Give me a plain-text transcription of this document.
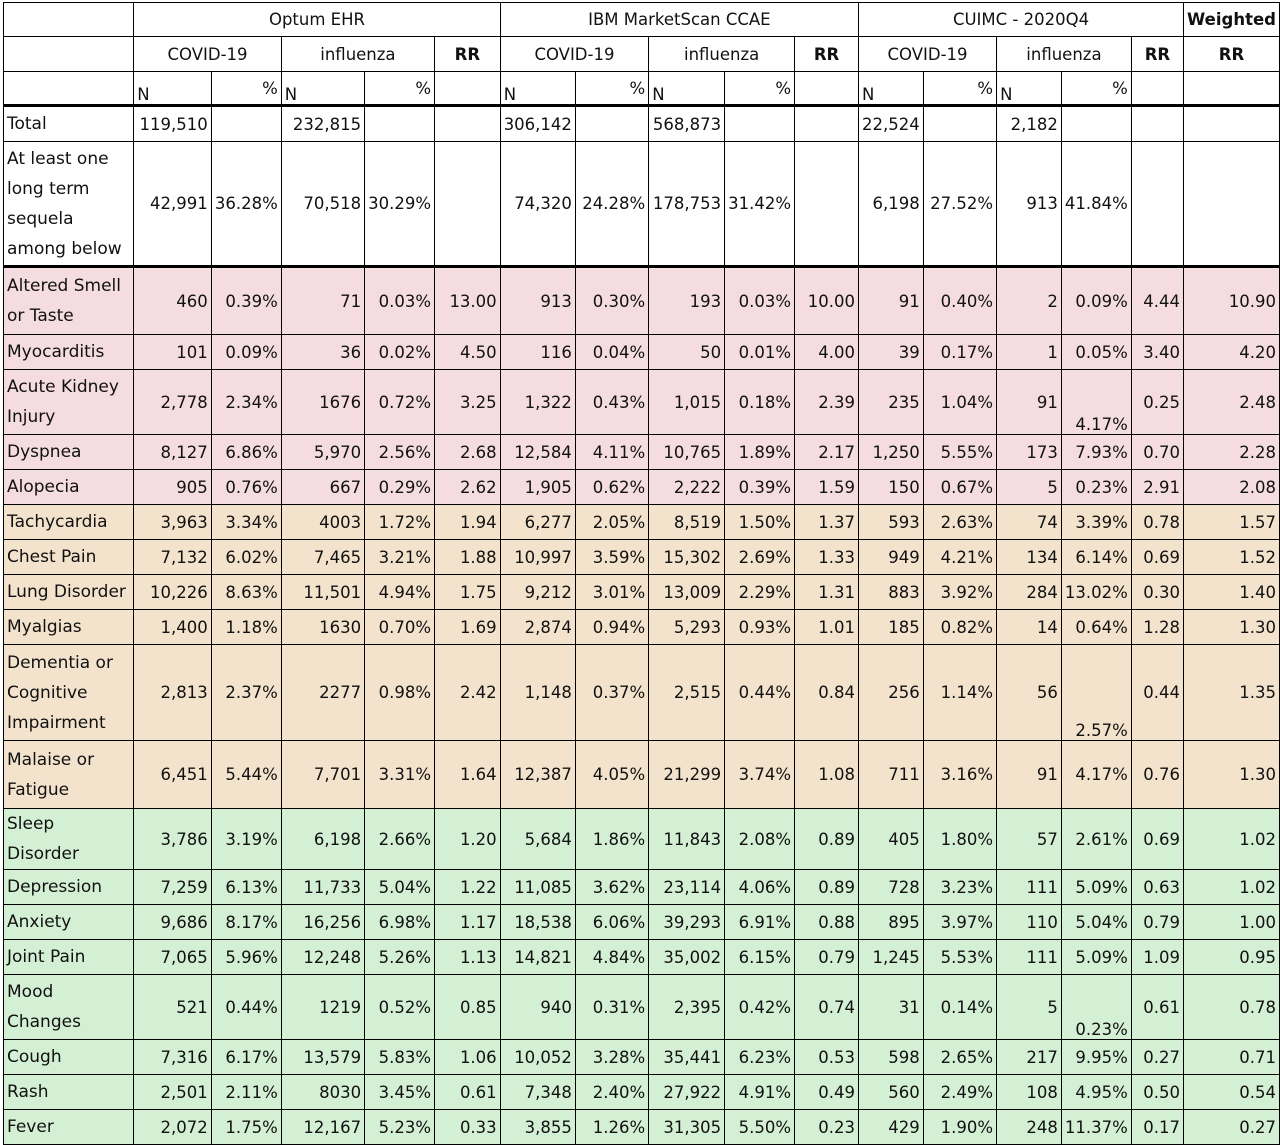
	Optum EHR					IBM MarketScan CCAE					CUIMC - 2020Q4					Weighted
	COVID-19		influenza		RR	COVID-19		influenza		RR	COVID-19		influenza		RR	RR
	N	%	N	%		N	%	N	%		N	%	N	%		
Total	119,510		232,815			306,142		568,873			22,524		2,182			
At least one long term sequela among below	42,991	36.28%	70,518	30.29%		74,320	24.28%	178,753	31.42%		6,198	27.52%	913	41.84%		
Altered Smell or Taste	460	0.39%	71	0.03%	13.00	913	0.30%	193	0.03%	10.00	91	0.40%	2	0.09%	4.44	10.90
Myocarditis	101	0.09%	36	0.02%	4.50	116	0.04%	50	0.01%	4.00	39	0.17%	1	0.05%	3.40	4.20
Acute Kidney Injury	2,778	2.34%	1676	0.72%	3.25	1,322	0.43%	1,015	0.18%	2.39	235	1.04%	91	4.17%	0.25	2.48
Dyspnea	8,127	6.86%	5,970	2.56%	2.68	12,584	4.11%	10,765	1.89%	2.17	1,250	5.55%	173	7.93%	0.70	2.28
Alopecia	905	0.76%	667	0.29%	2.62	1,905	0.62%	2,222	0.39%	1.59	150	0.67%	5	0.23%	2.91	2.08
Tachycardia	3,963	3.34%	4003	1.72%	1.94	6,277	2.05%	8,519	1.50%	1.37	593	2.63%	74	3.39%	0.78	1.57
Chest Pain	7,132	6.02%	7,465	3.21%	1.88	10,997	3.59%	15,302	2.69%	1.33	949	4.21%	134	6.14%	0.69	1.52
Lung Disorder	10,226	8.63%	11,501	4.94%	1.75	9,212	3.01%	13,009	2.29%	1.31	883	3.92%	284	13.02%	0.30	1.40
Myalgias	1,400	1.18%	1630	0.70%	1.69	2,874	0.94%	5,293	0.93%	1.01	185	0.82%	14	0.64%	1.28	1.30
Dementia or Cognitive Impairment	2,813	2.37%	2277	0.98%	2.42	1,148	0.37%	2,515	0.44%	0.84	256	1.14%	56	2.57%	0.44	1.35
Malaise or Fatigue	6,451	5.44%	7,701	3.31%	1.64	12,387	4.05%	21,299	3.74%	1.08	711	3.16%	91	4.17%	0.76	1.30
Sleep Disorder	3,786	3.19%	6,198	2.66%	1.20	5,684	1.86%	11,843	2.08%	0.89	405	1.80%	57	2.61%	0.69	1.02
Depression	7,259	6.13%	11,733	5.04%	1.22	11,085	3.62%	23,114	4.06%	0.89	728	3.23%	111	5.09%	0.63	1.02
Anxiety	9,686	8.17%	16,256	6.98%	1.17	18,538	6.06%	39,293	6.91%	0.88	895	3.97%	110	5.04%	0.79	1.00
Joint Pain	7,065	5.96%	12,248	5.26%	1.13	14,821	4.84%	35,002	6.15%	0.79	1,245	5.53%	111	5.09%	1.09	0.95
Mood Changes	521	0.44%	1219	0.52%	0.85	940	0.31%	2,395	0.42%	0.74	31	0.14%	5	0.23%	0.61	0.78
Cough	7,316	6.17%	13,579	5.83%	1.06	10,052	3.28%	35,441	6.23%	0.53	598	2.65%	217	9.95%	0.27	0.71
Rash	2,501	2.11%	8030	3.45%	0.61	7,348	2.40%	27,922	4.91%	0.49	560	2.49%	108	4.95%	0.50	0.54
Fever	2,072	1.75%	12,167	5.23%	0.33	3,855	1.26%	31,305	5.50%	0.23	429	1.90%	248	11.37%	0.17	0.27
